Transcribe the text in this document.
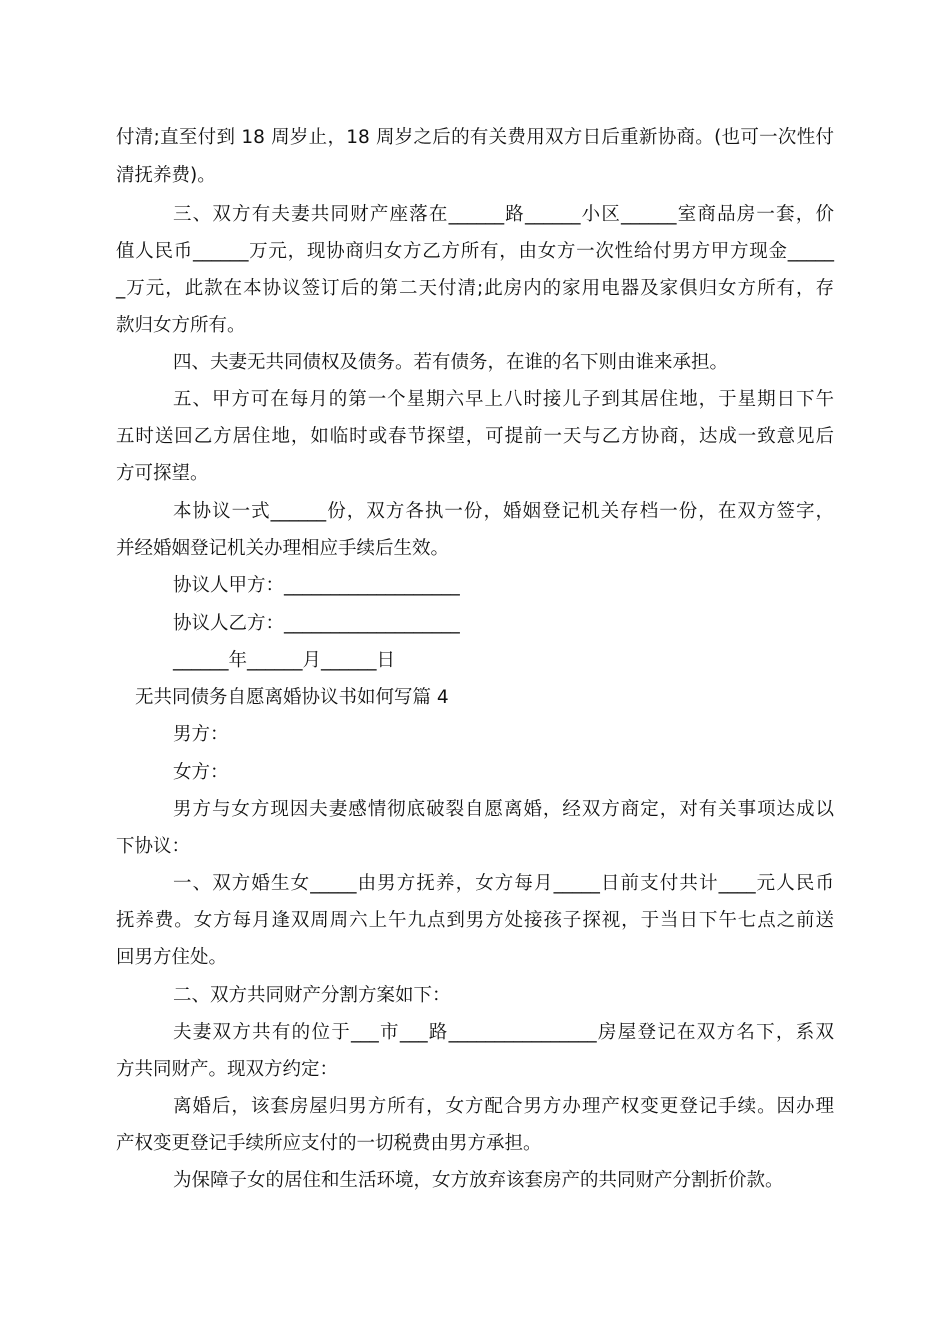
付清;直至付到 18 周岁止，18 周岁之后的有关费用双方日后重新协商。(也可一次性付
清抚养费)。
三、双方有夫妻共同财产座落在______路______小区______室商品房一套，价
值人民币______万元，现协商归女方乙方所有，由女方一次性给付男方甲方现金_____
_万元，此款在本协议签订后的第二天付清;此房内的家用电器及家俱归女方所有，存
款归女方所有。
四、夫妻无共同债权及债务。若有债务，在谁的名下则由谁来承担。
五、甲方可在每月的第一个星期六早上八时接儿子到其居住地，于星期日下午
五时送回乙方居住地，如临时或春节探望，可提前一天与乙方协商，达成一致意见后
方可探望。
本协议一式______份，双方各执一份，婚姻登记机关存档一份，在双方签字，
并经婚姻登记机关办理相应手续后生效。
协议人甲方：___________________
协议人乙方：___________________
______年______月______日
无共同债务自愿离婚协议书如何写篇 4
男方：
女方：
男方与女方现因夫妻感情彻底破裂自愿离婚，经双方商定，对有关事项达成以
下协议：
一、双方婚生女_____由男方抚养，女方每月_____日前支付共计____元人民币
抚养费。女方每月逢双周周六上午九点到男方处接孩子探视，于当日下午七点之前送
回男方住处。
二、双方共同财产分割方案如下：
夫妻双方共有的位于___市___路________________房屋登记在双方名下，系双
方共同财产。现双方约定：
离婚后，该套房屋归男方所有，女方配合男方办理产权变更登记手续。因办理
产权变更登记手续所应支付的一切税费由男方承担。
为保障子女的居住和生活环境，女方放弃该套房产的共同财产分割折价款。
